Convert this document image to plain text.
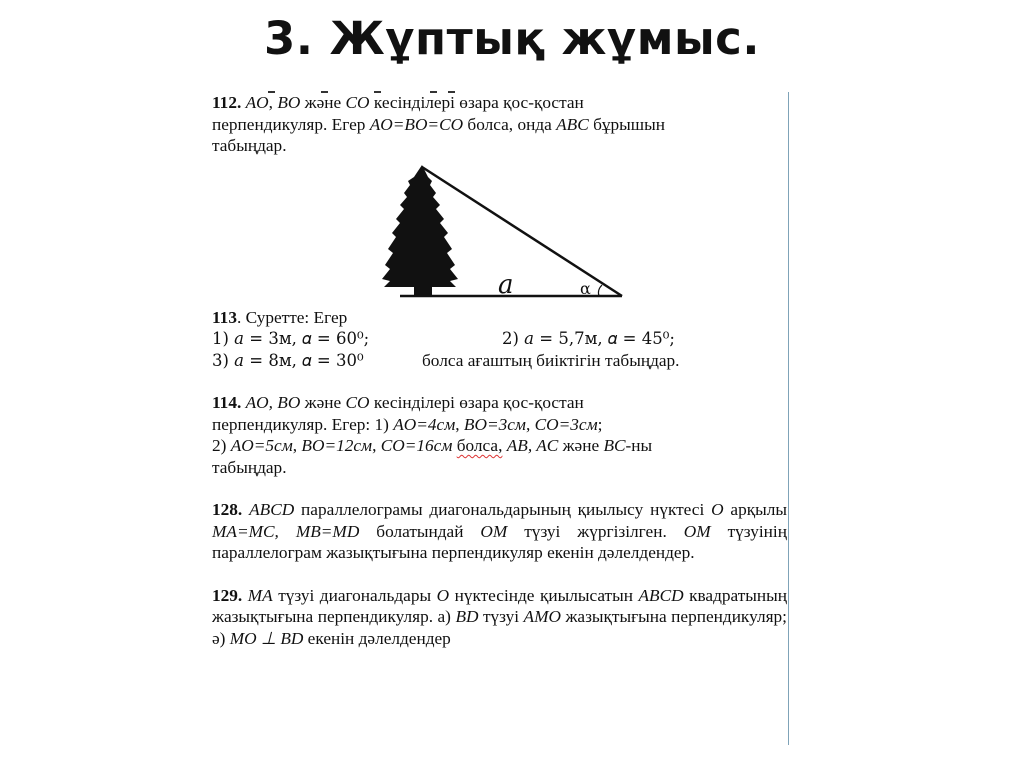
3. Жұптық жұмыс.

112. AO, BO және CO кесінділері өзара қос-қостан

перпендикуляр. Егер AO=BO=CO болса, онда ABC бұрышын

табыңдар.

a	α

113. Суретте: Егер

1) 𝑎 = 3м, 𝛼 = 60⁰;	2) 𝑎 = 5,7м, 𝛼 = 45⁰;
3) 𝑎 = 8м, 𝛼 = 30⁰	болса ағаштың биіктігін табыңдар.

114. AO, BO және CO кесінділері өзара қос-қостан

перпендикуляр. Егер: 1) AO=4см, BO=3см, CO=3см;

2) AO=5см, BO=12см, CO=16см болса, AB, AC және BC-ны

табыңдар.

128. ABCD параллелограмы диагональдарының қиылысу нүктесі O арқылы MA=MC, MB=MD болатындай OM түзуі жүргізілген. OM түзуінің параллелограм жазықтығына перпендикуляр екенін дәлелдендер.

129. MA түзуі диагональдары O нүктесінде қиылысатын ABCD квадратының жазықтығына перпендикуляр. а) BD түзуі AMO жазықтығына перпендикуляр; ә) MO ⊥ BD екенін дәлелдендер
